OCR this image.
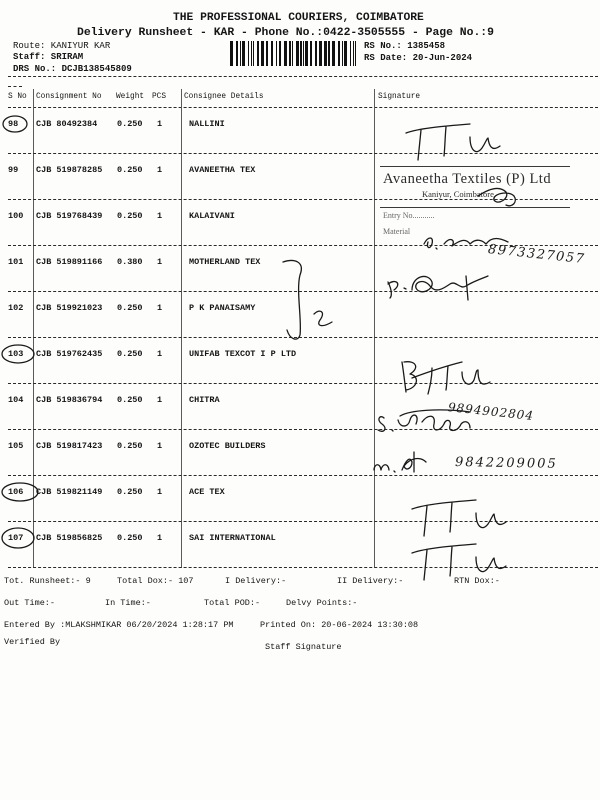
THE PROFESSIONAL COURIERS, COIMBATORE
Delivery Runsheet - KAR - Phone No.:0422-3505555 - Page No.:9
Route: KANIYUR KAR
Staff: SRIRAM
DRS No.: DCJB138545809
RS No.: 1385458
RS Date: 20-Jun-2024
S No Consignment No Weight PCS Consignee Details	Signature
98 CJB 80492384 0.250 1	NALLINI
99 CJB 519878285 0.250 1	AVANEETHA TEX
100 CJB 519768439 0.250 1	KALAIVANI
101 CJB 519891166 0.380 1	MOTHERLAND TEX
102 CJB 519921023 0.250 1	P K PANAISAMY
103 CJB 519762435 0.250 1	UNIFAB TEXCOT I P LTD
104 CJB 519836794 0.250 1	CHITRA
105 CJB 519817423 0.250 1	OZOTEC BUILDERS
106 CJB 519821149 0.250 1	ACE TEX
107 CJB 519856825 0.250 1	SAI INTERNATIONAL
Avaneetha Textiles (P) Ltd
Kaniyur, Coimbatore
Entry No...........
Material
8973327057
9894902804
9842209005
Tot. Runsheet:- 9	Total Dox:- 107	I Delivery:-	II Delivery:-	RTN Dox:-
Out Time:-	In Time:-	Total POD:-	Delvy Points:-
Entered By :MLAKSHMIKAR 06/20/2024 1:28:17 PM	Printed On: 20-06-2024 13:30:08
Verified By	Staff Signature
